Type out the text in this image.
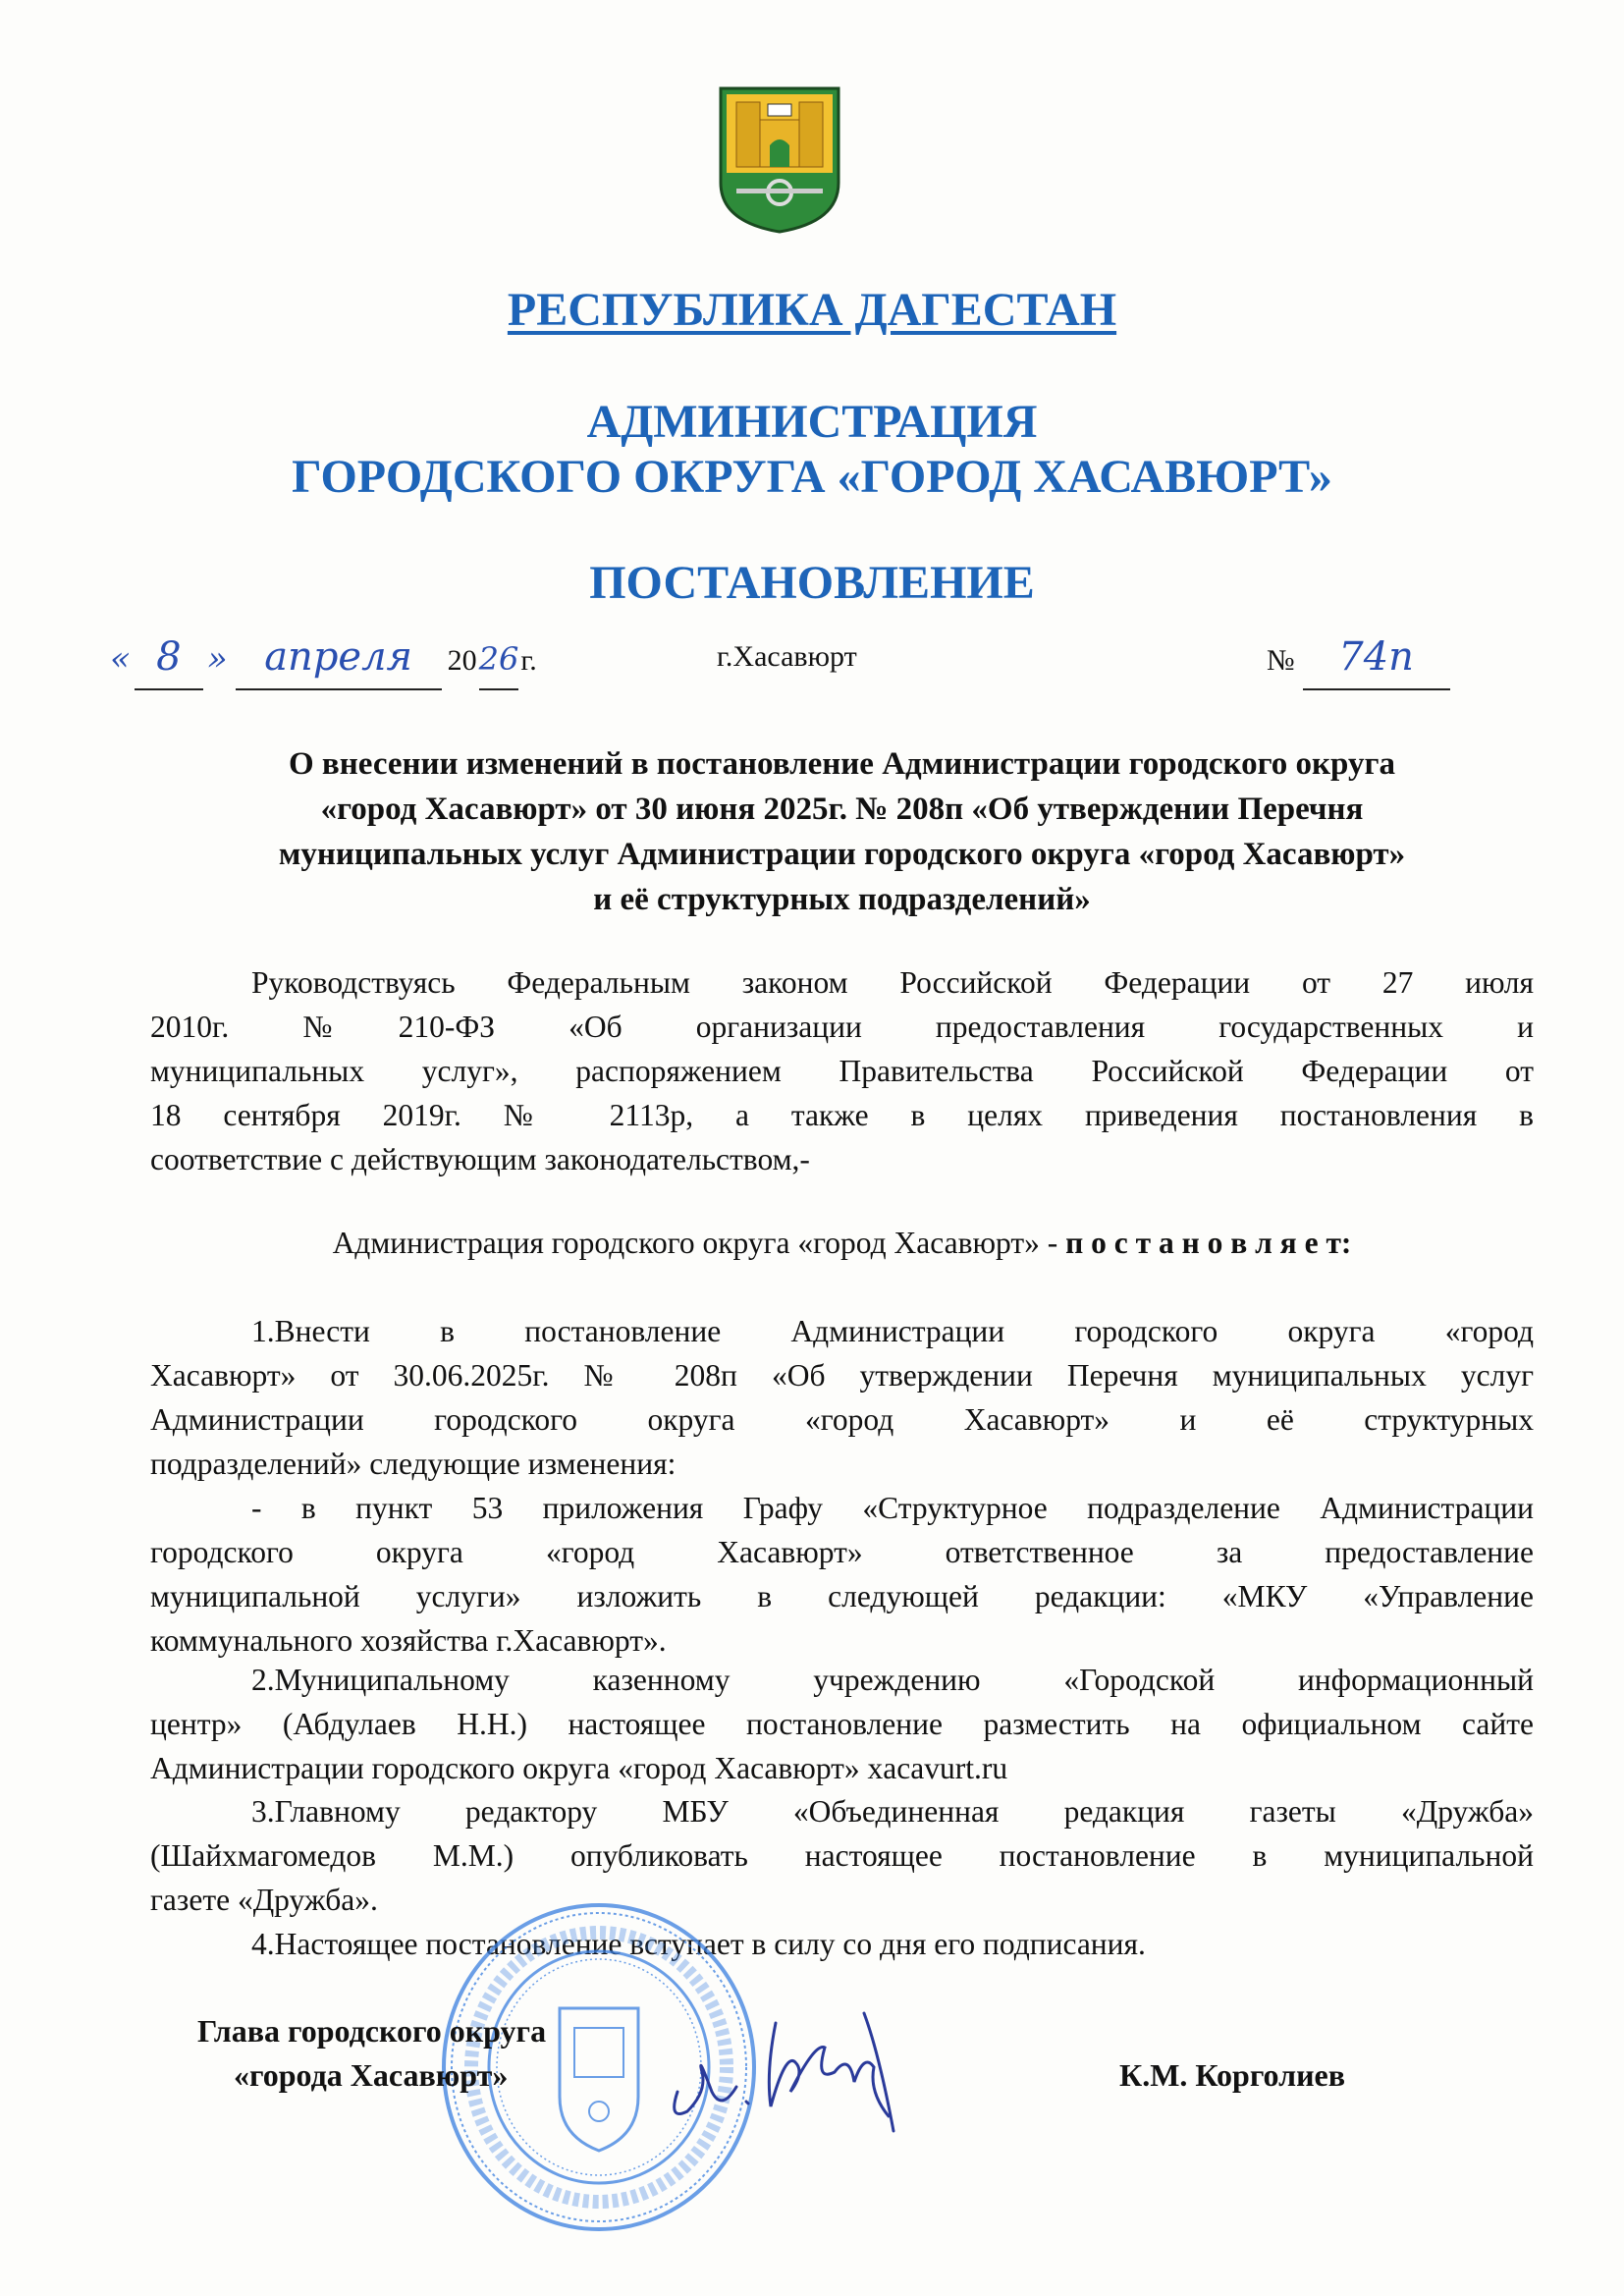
РЕСПУБЛИКА ДАГЕСТАН
АДМИНИСТРАЦИЯ
ГОРОДСКОГО ОКРУГА «ГОРОД ХАСАВЮРТ»
ПОСТАНОВЛЕНИЕ
« 8 » апреля	20 26 г.	г.Хасавюрт	№	74п
О внесении изменений в постановление Администрации городского округа
«город Хасавюрт» от 30 июня 2025г. № 208п «Об утверждении Перечня
муниципальных услуг Администрации городского округа «город Хасавюрт»
и её структурных подразделений»
Руководствуясь Федеральным законом Российской Федерации от 27 июля
2010г. №210-ФЗ «Об организации предоставления государственных и
муниципальных услуг», распоряжением Правительства Российской Федерации от
18 сентября 2019г. № 2113р, а также в целях приведения постановления в
соответствие с действующим законодательством,-
Администрация городского округа «город Хасавюрт» - п о с т а н о в л я е т:
1.Внести в постановление Администрации городского округа «город
Хасавюрт» от 30.06.2025г. № 208п «Об утверждении Перечня муниципальных услуг
Администрации городского округа «город Хасавюрт» и её структурных
подразделений» следующие изменения:
- в пункт 53 приложения Графу «Структурное подразделение Администрации
городского округа «город Хасавюрт» ответственное за предоставление
муниципальной услуги» изложить в следующей редакции: «МКУ «Управление
коммунального хозяйства г.Хасавюрт».
2.Муниципальному казенному учреждению «Городской информационный
центр» (Абдулаев Н.Н.) настоящее постановление разместить на официальном сайте
Администрации городского округа «город Хасавюрт» xacavurt.ru
3.Главному редактору МБУ «Объединенная редакция газеты «Дружба»
(Шайхмагомедов М.М.) опубликовать настоящее постановление в муниципальной
газете «Дружба».
4.Настоящее постановление вступает в силу со дня его подписания.
Глава городского округа
«города Хасавюрт»	К.М. Корголиев
